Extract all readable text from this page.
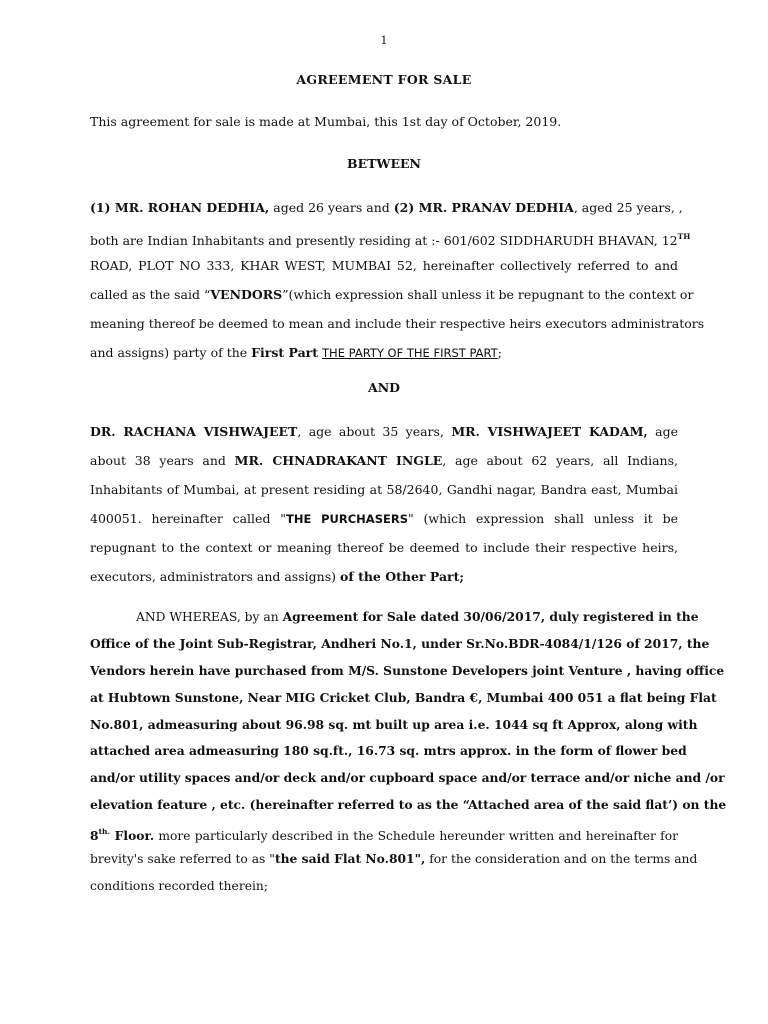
1
AGREEMENT FOR SALE
This agreement for sale is made at Mumbai, this 1st day of October, 2019.
BETWEEN
(1) MR. ROHAN DEDHIA, aged 26 years and (2) MR. PRANAV DEDHIA, aged 25 years, ,
both are Indian Inhabitants and presently residing at :- 601/602 SIDDHARUDH BHAVAN, 12TH
ROAD, PLOT NO 333, KHAR WEST, MUMBAI 52, hereinafter collectively referred to and
called as the said “VENDORS”(which expression shall unless it be repugnant to the context or
meaning thereof be deemed to mean and include their respective heirs executors administrators
and assigns) party of the First Part THE PARTY OF THE FIRST PART;
AND
DR. RACHANA VISHWAJEET, age about 35 years, MR. VISHWAJEET KADAM, age
about 38 years and MR. CHNADRAKANT INGLE, age about 62 years, all Indians,
Inhabitants of Mumbai, at present residing at 58/2640, Gandhi nagar, Bandra east, Mumbai
400051. hereinafter called "THE PURCHASERS" (which expression shall unless it be
repugnant to the context or meaning thereof be deemed to include their respective heirs,
executors, administrators and assigns) of the Other Part;
AND WHEREAS, by an Agreement for Sale dated 30/06/2017, duly registered in the
Office of the Joint Sub-Registrar, Andheri No.1, under Sr.No.BDR-4084/1/126 of 2017, the
Vendors herein have purchased from M/S. Sunstone Developers joint Venture , having office
at Hubtown Sunstone, Near MIG Cricket Club, Bandra €, Mumbai 400 051 a flat being Flat
No.801, admeasuring about 96.98 sq. mt built up area i.e. 1044 sq ft Approx, along with
attached area admeasuring 180 sq.ft., 16.73 sq. mtrs approx. in the form of flower bed
and/or utility spaces and/or deck and/or cupboard space and/or terrace and/or niche and /or
elevation feature , etc. (hereinafter referred to as the “Attached area of the said flat’) on the
$8^{th.}$ Floor. more particularly described in the Schedule hereunder written and hereinafter for
brevity's sake referred to as "the said Flat No.801", for the consideration and on the terms and
conditions recorded therein;
